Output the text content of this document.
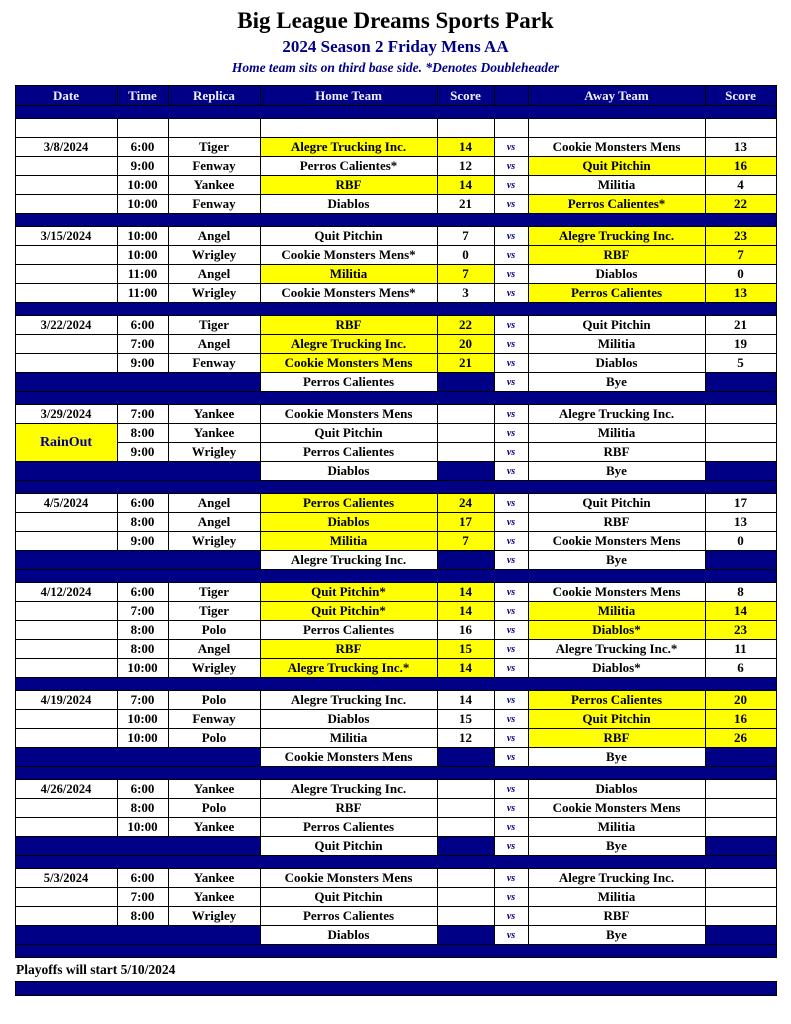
Big League Dreams Sports Park
2024 Season 2 Friday Mens AA
Home team sits on third base side. *Denotes Doubleheader
Date	Time	Replica	Home Team	Score		Away Team	Score

3/8/2024	6:00	Tiger	Alegre Trucking Inc.	14	vs	Cookie Monsters Mens	13
	9:00	Fenway	Perros Calientes*	12	vs	Quit Pitchin	16
	10:00	Yankee	RBF	14	vs	Militia	4
	10:00	Fenway	Diablos	21	vs	Perros Calientes*	22

3/15/2024	10:00	Angel	Quit Pitchin	7	vs	Alegre Trucking Inc.	23
	10:00	Wrigley	Cookie Monsters Mens*	0	vs	RBF	7
	11:00	Angel	Militia	7	vs	Diablos	0
	11:00	Wrigley	Cookie Monsters Mens*	3	vs	Perros Calientes	13

3/22/2024	6:00	Tiger	RBF	22	vs	Quit Pitchin	21
	7:00	Angel	Alegre Trucking Inc.	20	vs	Militia	19
	9:00	Fenway	Cookie Monsters Mens	21	vs	Diablos	5
			Perros Calientes		vs	Bye	

3/29/2024	7:00	Yankee	Cookie Monsters Mens		vs	Alegre Trucking Inc.	
RainOut	8:00	Yankee	Quit Pitchin		vs	Militia	
	9:00	Wrigley	Perros Calientes		vs	RBF	
			Diablos		vs	Bye	

4/5/2024	6:00	Angel	Perros Calientes	24	vs	Quit Pitchin	17
	8:00	Angel	Diablos	17	vs	RBF	13
	9:00	Wrigley	Militia	7	vs	Cookie Monsters Mens	0
			Alegre Trucking Inc.		vs	Bye	

4/12/2024	6:00	Tiger	Quit Pitchin*	14	vs	Cookie Monsters Mens	8
	7:00	Tiger	Quit Pitchin*	14	vs	Militia	14
	8:00	Polo	Perros Calientes	16	vs	Diablos*	23
	8:00	Angel	RBF	15	vs	Alegre Trucking Inc.*	11
	10:00	Wrigley	Alegre Trucking Inc.*	14	vs	Diablos*	6

4/19/2024	7:00	Polo	Alegre Trucking Inc.	14	vs	Perros Calientes	20
	10:00	Fenway	Diablos	15	vs	Quit Pitchin	16
	10:00	Polo	Militia	12	vs	RBF	26
			Cookie Monsters Mens		vs	Bye	

4/26/2024	6:00	Yankee	Alegre Trucking Inc.		vs	Diablos	
	8:00	Polo	RBF		vs	Cookie Monsters Mens	
	10:00	Yankee	Perros Calientes		vs	Militia	
			Quit Pitchin		vs	Bye	

5/3/2024	6:00	Yankee	Cookie Monsters Mens		vs	Alegre Trucking Inc.	
	7:00	Yankee	Quit Pitchin		vs	Militia	
	8:00	Wrigley	Perros Calientes		vs	RBF	
			Diablos		vs	Bye	

Playoffs will start 5/10/2024							
